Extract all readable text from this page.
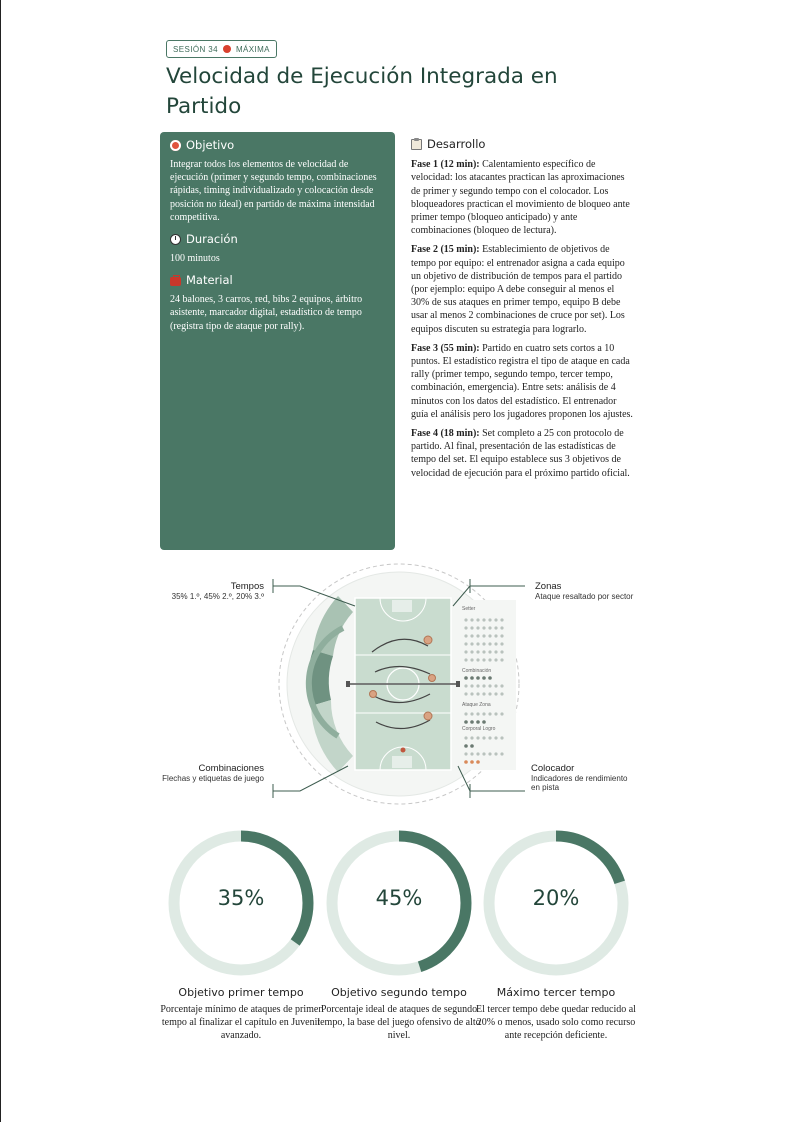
SESIÓN 34 MÁXIMA
Velocidad de Ejecución Integrada en Partido
Objetivo
Integrar todos los elementos de velocidad de ejecución (primer y segundo tempo, combinaciones rápidas, timing individualizado y colocación desde posición no ideal) en partido de máxima intensidad competitiva.
Duración
100 minutos
Material
24 balones, 3 carros, red, bibs 2 equipos, árbitro asistente, marcador digital, estadístico de tempo (registra tipo de ataque por rally).
Desarrollo

Fase 1 (12 min): Calentamiento específico de velocidad: los atacantes practican las aproximaciones de primer y segundo tempo con el colocador. Los bloqueadores practican el movimiento de bloqueo ante primer tempo (bloqueo anticipado) y ante combinaciones (bloqueo de lectura).

Fase 2 (15 min): Establecimiento de objetivos de tempo por equipo: el entrenador asigna a cada equipo un objetivo de distribución de tempos para el partido (por ejemplo: equipo A debe conseguir al menos el 30% de sus ataques en primer tempo, equipo B debe usar al menos 2 combinaciones de cruce por set). Los equipos discuten su estrategia para lograrlo.

Fase 3 (55 min): Partido en cuatro sets cortos a 10 puntos. El estadístico registra el tipo de ataque en cada rally (primer tempo, segundo tempo, tercer tempo, combinación, emergencia). Entre sets: análisis de 4 minutos con los datos del estadístico. El entrenador guía el análisis pero los jugadores proponen los ajustes.

Fase 4 (18 min): Set completo a 25 con protocolo de partido. Al final, presentación de las estadísticas de tempo del set. El equipo establece sus 3 objetivos de velocidad de ejecución para el próximo partido oficial.

Setter
Combinación
Ataque Zona
Corporal Logro
Tempos
35% 1.º, 45% 2.º, 20% 3.º
Zonas
Ataque resaltado por sector
Combinaciones
Flechas y etiquetas de juego
Colocador
Indicadores de rendimiento en pista
35%
Objetivo primer tempo
Porcentaje mínimo de ataques de primer tempo al finalizar el capítulo en Juvenil avanzado.
45%
Objetivo segundo tempo
Porcentaje ideal de ataques de segundo tempo, la base del juego ofensivo de alto nivel.
20%
Máximo tercer tempo
El tercer tempo debe quedar reducido al 20% o menos, usado solo como recurso ante recepción deficiente.
